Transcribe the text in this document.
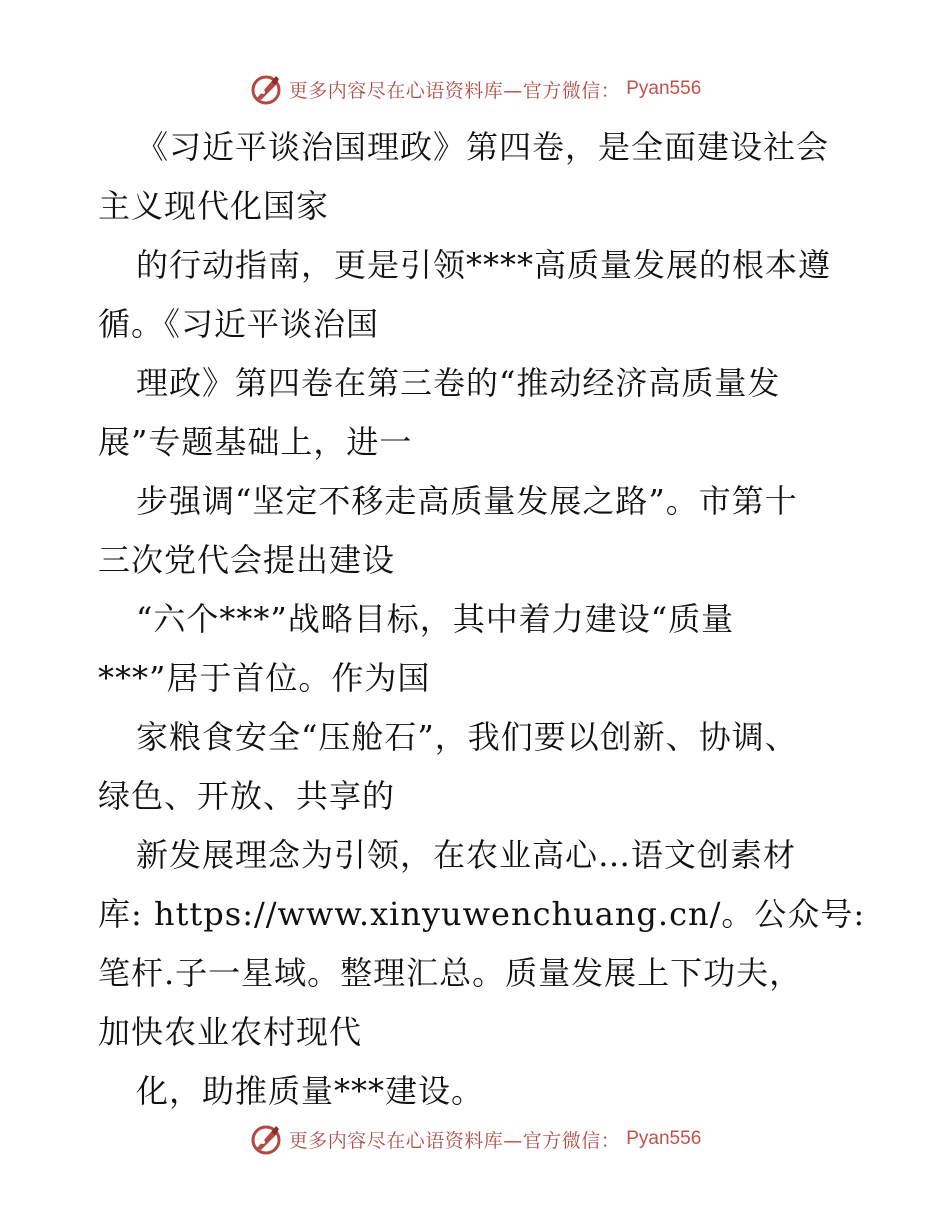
更多内容尽在心语资料库—官方微信： Pyan556
《习近平谈治国理政》第四卷，是全面建设社会
主义现代化国家
的行动指南，更是引领****高质量发展的根本遵
循。《习近平谈治国
理政》第四卷在第三卷的“推动经济高质量发
展”专题基础上，进一
步强调“坚定不移走高质量发展之路”。市第十
三次党代会提出建设
“六个***”战略目标，其中着力建设“质量
***”居于首位。作为国
家粮食安全“压舱石”，我们要以创新、协调、
绿色、开放、共享的
新发展理念为引领，在农业高心…语文创素材
库: https://www.xinyuwenchuang.cn/。公众号:
笔杆.子一星域。整理汇总。质量发展上下功夫，
加快农业农村现代
化，助推质量***建设。
更多内容尽在心语资料库—官方微信： Pyan556
